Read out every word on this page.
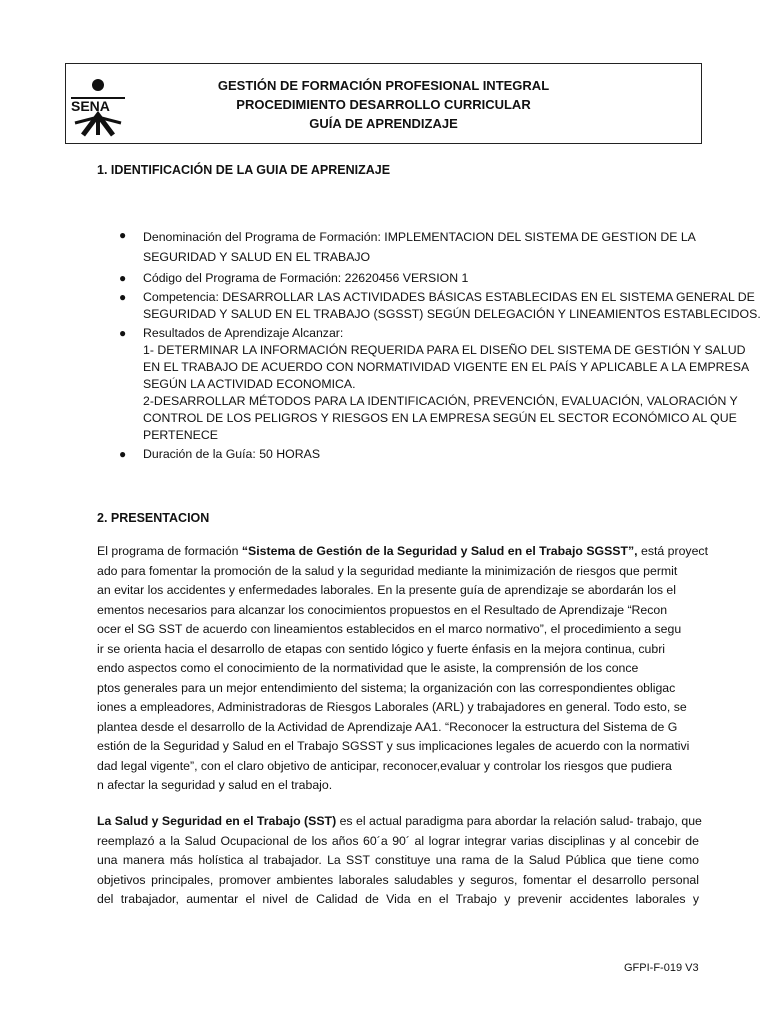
SENA
GESTIÓN DE FORMACIÓN PROFESIONAL INTEGRAL
PROCEDIMIENTO DESARROLLO CURRICULAR
GUÍA DE APRENDIZAJE
1. IDENTIFICACIÓN DE LA GUIA DE APRENIZAJE
● Denominación del Programa de Formación: IMPLEMENTACION DEL SISTEMA DE GESTION DE LA
SEGURIDAD Y SALUD EN EL TRABAJO
● Código del Programa de Formación: 22620456 VERSION 1
● Competencia: DESARROLLAR LAS ACTIVIDADES BÁSICAS ESTABLECIDAS EN EL SISTEMA GENERAL DE
SEGURIDAD Y SALUD EN EL TRABAJO (SGSST) SEGÚN DELEGACIÓN Y LINEAMIENTOS ESTABLECIDOS.
● Resultados de Aprendizaje Alcanzar:
1- DETERMINAR LA INFORMACIÓN REQUERIDA PARA EL DISEÑO DEL SISTEMA DE GESTIÓN Y SALUD
EN EL TRABAJO DE ACUERDO CON NORMATIVIDAD VIGENTE EN EL PAÍS Y APLICABLE A LA EMPRESA
SEGÚN LA ACTIVIDAD ECONOMICA.
2-DESARROLLAR MÉTODOS PARA LA IDENTIFICACIÓN, PREVENCIÓN, EVALUACIÓN, VALORACIÓN Y
CONTROL DE LOS PELIGROS Y RIESGOS EN LA EMPRESA SEGÚN EL SECTOR ECONÓMICO AL QUE
PERTENECE
● Duración de la Guía: 50 HORAS
2. PRESENTACION
El programa de formación “Sistema de Gestión de la Seguridad y Salud en el Trabajo SGSST”, está proyect
ado para fomentar la promoción de la salud y la seguridad mediante la minimización de riesgos que permit
an evitar los accidentes y enfermedades laborales. En la presente guía de aprendizaje se abordarán los el
ementos necesarios para alcanzar los conocimientos propuestos en el Resultado de Aprendizaje “Recon
ocer el SG SST de acuerdo con lineamientos establecidos en el marco normativo”, el procedimiento a segu
ir se orienta hacia el desarrollo de etapas con sentido lógico y fuerte énfasis en la mejora continua, cubri
endo aspectos como el conocimiento de la normatividad que le asiste, la comprensión de los conce
ptos generales para un mejor entendimiento del sistema; la organización con las correspondientes obligac
iones a empleadores, Administradoras de Riesgos Laborales (ARL) y trabajadores en general. Todo esto, se
plantea desde el desarrollo de la Actividad de Aprendizaje AA1. “Reconocer la estructura del Sistema de G
estión de la Seguridad y Salud en el Trabajo SGSST y sus implicaciones legales de acuerdo con la normativi
dad legal vigente”, con el claro objetivo de anticipar, reconocer,evaluar y controlar los riesgos que pudiera
n afectar la seguridad y salud en el trabajo.
La Salud y Seguridad en el Trabajo (SST) es el actual paradigma para abordar la relación salud- trabajo, que
reemplazó a la Salud Ocupacional de los años 60´a 90´ al lograr integrar varias disciplinas y al concebir de
una manera más holística al trabajador. La SST constituye una rama de la Salud Pública que tiene como
objetivos principales, promover ambientes laborales saludables y seguros, fomentar el desarrollo personal
del trabajador, aumentar el nivel de Calidad de Vida en el Trabajo y prevenir accidentes laborales y
GFPI-F-019 V3
